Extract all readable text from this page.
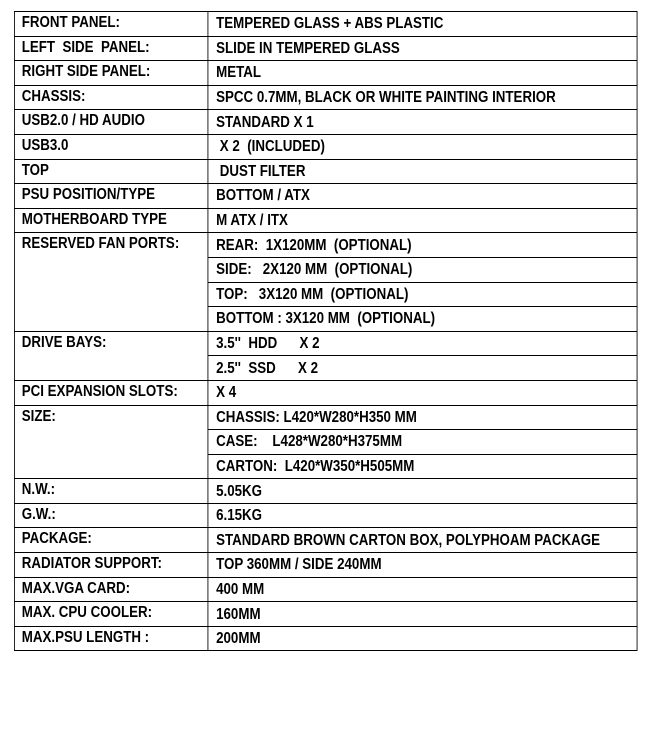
FRONT PANEL:	TEMPERED GLASS + ABS PLASTIC
LEFT  SIDE  PANEL:	SLIDE IN TEMPERED GLASS
RIGHT SIDE PANEL:	METAL
CHASSIS:	SPCC 0.7MM, BLACK OR WHITE PAINTING INTERIOR
USB2.0 / HD AUDIO	STANDARD X 1
USB3.0	X 2  (INCLUDED)
TOP	DUST FILTER
PSU POSITION/TYPE	BOTTOM / ATX
MOTHERBOARD TYPE	M ATX / ITX
RESERVED FAN PORTS:	REAR:  1X120MM  (OPTIONAL)
	SIDE:   2X120 MM  (OPTIONAL)
	TOP:   3X120 MM  (OPTIONAL)
	BOTTOM : 3X120 MM  (OPTIONAL)
DRIVE BAYS:	3.5''  HDD      X 2
	2.5''  SSD      X 2
PCI EXPANSION SLOTS:	X 4
SIZE:	CHASSIS: L420*W280*H350 MM
	CASE:    L428*W280*H375MM
	CARTON:  L420*W350*H505MM
N.W.:	5.05KG
G.W.:	6.15KG
PACKAGE:	STANDARD BROWN CARTON BOX, POLYPHOAM PACKAGE
RADIATOR SUPPORT:	TOP 360MM / SIDE 240MM
MAX.VGA CARD:	400 MM
MAX. CPU COOLER:	160MM
MAX.PSU LENGTH :	200MM
